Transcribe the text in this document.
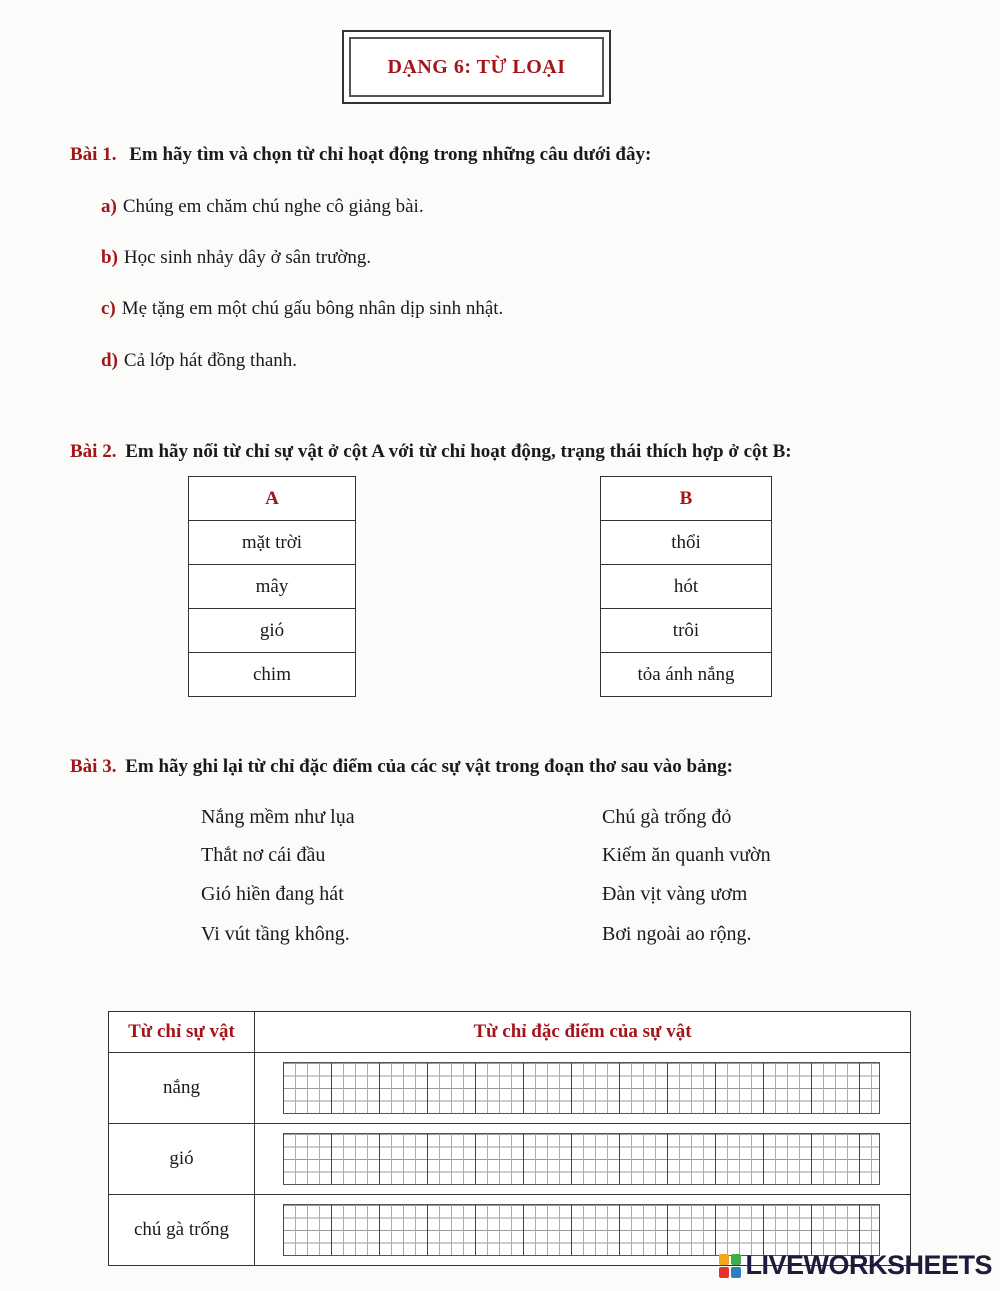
DẠNG 6: TỪ LOẠI
Bài 1. Em hãy tìm và chọn từ chỉ hoạt động trong những câu dưới đây:
a) Chúng em chăm chú nghe cô giảng bài.
b) Học sinh nhảy dây ở sân trường.
c) Mẹ tặng em một chú gấu bông nhân dịp sinh nhật.
d) Cả lớp hát đồng thanh.
Bài 2. Em hãy nối từ chỉ sự vật ở cột A với từ chỉ hoạt động, trạng thái thích hợp ở cột B:
A
mặt trời
mây
gió
chim
B
thổi
hót
trôi
tỏa ánh nắng
Bài 3. Em hãy ghi lại từ chỉ đặc điểm của các sự vật trong đoạn thơ sau vào bảng:
Nắng mềm như lụa
Thắt nơ cái đầu
Gió hiền đang hát
Vi vút tầng không.
Chú gà trống đỏ
Kiếm ăn quanh vườn
Đàn vịt vàng ươm
Bơi ngoài ao rộng.
Từ chỉ sự vật	Từ chỉ đặc điểm của sự vật
nắng	

gió	

chú gà trống	
LIVEWORKSHEETS
